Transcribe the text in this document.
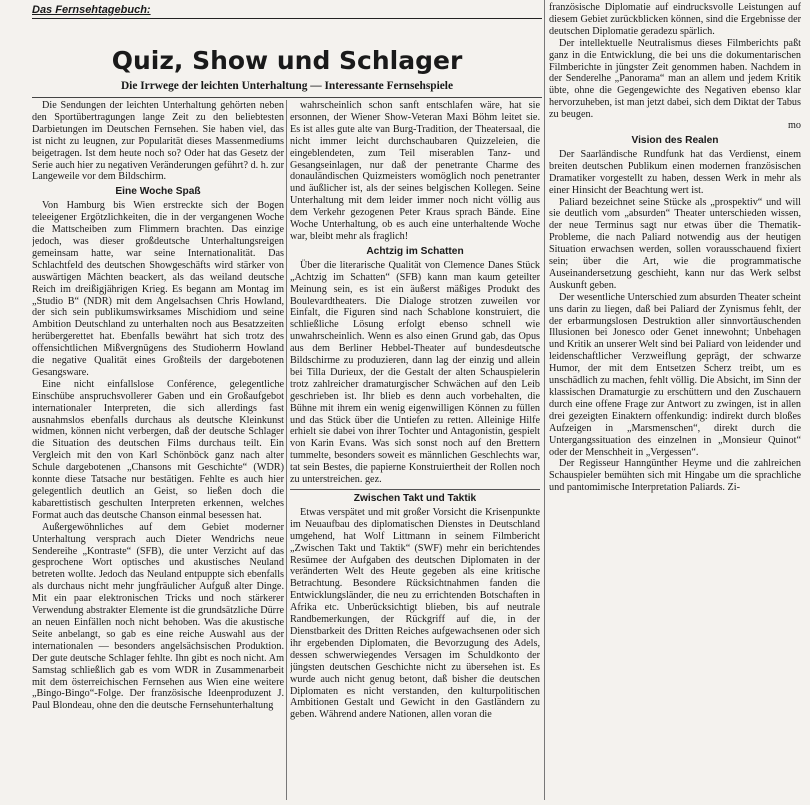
Das Fernsehtagebuch:
Quiz, Show und Schlager
Die Irrwege der leichten Unterhaltung — Interessante Fernsehspiele

Die Sendungen der leichten Unterhaltung gehörten neben den Sportübertragungen lange Zeit zu den beliebtesten Darbietungen im Deutschen Fernsehen. Sie haben viel, das ist nicht zu leugnen, zur Popularität dieses Massenmediums beigetragen. Ist dem heute noch so? Oder hat das Gesetz der Serie auch hier zu negativen Veränderungen geführt? d. h. zur Langeweile vor dem Bildschirm.

Eine Woche Spaß

Von Hamburg bis Wien erstreckte sich der Bogen teleeigener Ergötzlichkeiten, die in der vergangenen Woche die Mattscheiben zum Flimmern brachten. Das einzige jedoch, was dieser großdeutsche Unterhaltungsreigen gemeinsam hatte, war seine Internationalität. Das Schlachtfeld des deutschen Showgeschäfts wird stärker von auswärtigen Mächten beackert, als das weiland deutsche Reich im dreißigjährigen Krieg. Es begann am Montag im „Studio B“ (NDR) mit dem Angelsachsen Chris Howland, der sich sein publikumswirksames Mischidiom und seine Ambition Deutschland zu unterhalten noch aus Besatzzeiten herübergerettet hat. Ebenfalls bewährt hat sich trotz des offensichtlichen Mißvergnügens des Studioherrn Howland die negative Qualität eines Großteils der dargebotenen Gesangsware.

Eine nicht einfallslose Conférence, gelegentliche Einschübe anspruchsvollerer Gaben und ein Großaufgebot internationaler Interpreten, die sich allerdings fast ausnahmslos ebenfalls durchaus als deutsche Kleinkunst widmen, können nicht verbergen, daß der deutsche Schlager die Situation des deutschen Films durchaus teilt. Ein Vergleich mit den von Karl Schönböck ganz nach alter Schule dargebotenen „Chansons mit Geschichte“ (WDR) konnte diese Tatsache nur bestätigen. Fehlte es auch hier gelegentlich deutlich an Geist, so ließen doch die kabarettistisch geschulten Interpreten erkennen, welches Format auch das deutsche Chanson einmal besessen hat.

Außergewöhnliches auf dem Gebiet moderner Unterhaltung versprach auch Dieter Wendrichs neue Sendereihe „Kontraste“ (SFB), die unter Verzicht auf das gesprochene Wort optisches und akustisches Neuland betreten wollte. Jedoch das Neuland entpuppte sich ebenfalls als durchaus nicht mehr jungfräulicher Aufguß alter Dinge. Mit ein paar elektronischen Tricks und noch stärkerer Verwendung abstrakter Elemente ist die grundsätzliche Dürre an neuen Einfällen noch nicht behoben. Was die akustische Seite anbelangt, so gab es eine reiche Auswahl aus der internationalen — besonders angelsächsischen Produktion. Der gute deutsche Schlager fehlte. Ihn gibt es noch nicht. Am Samstag schließlich gab es vom WDR in Zusammenarbeit mit dem österreichischen Fernsehen aus Wien eine weitere „Bingo-Bingo“-Folge. Der französische Ideenproduzent J. Paul Blondeau, ohne den die deutsche Fernsehunterhaltung

wahrscheinlich schon sanft entschlafen wäre, hat sie ersonnen, der Wiener Show-Veteran Maxi Böhm leitet sie. Es ist alles gute alte van Burg-Tradition, der Theatersaal, die nicht immer leicht durchschaubaren Quizzeleien, die eingeblendeten, zum Teil miserablen Tanz- und Gesangseinlagen, nur daß der penetrante Charme des donauländischen Quizmeisters womöglich noch penetranter und äußlicher ist, als der seines belgischen Kollegen. Seine Unterhaltung mit dem leider immer noch nicht völlig aus dem Verkehr gezogenen Peter Kraus sprach Bände. Eine Woche Unterhaltung, ob es auch eine unterhaltende Woche war, bleibt mehr als fraglich!

Achtzig im Schatten

Über die literarische Qualität von Clemence Danes Stück „Achtzig im Schatten“ (SFB) kann man kaum geteilter Meinung sein, es ist ein äußerst mäßiges Produkt des Boulevardtheaters. Die Dialoge strotzen zuweilen vor Einfalt, die Figuren sind nach Schablone konstruiert, die schließliche Lösung erfolgt ebenso schnell wie unwahrscheinlich. Wenn es also einen Grund gab, das Opus aus dem Berliner Hebbel-Theater auf bundesdeutsche Bildschirme zu produzieren, dann lag der einzig und allein bei Tilla Durieux, der die Gestalt der alten Schauspielerin trotz zahlreicher dramaturgischer Schwächen auf den Leib geschrieben ist. Ihr blieb es denn auch vorbehalten, die Bühne mit ihrem ein wenig eigenwilligen Können zu füllen und das Stück über die Untiefen zu retten. Alleinige Hilfe erhielt sie dabei von ihrer Tochter und Antagonistin, gespielt von Karin Evans. Was sich sonst noch auf den Brettern tummelte, besonders soweit es männlichen Geschlechts war, tat sein Bestes, die papierne Konstruiertheit der Rollen noch zu unterstreichen. gez.

Zwischen Takt und Taktik

Etwas verspätet und mit großer Vorsicht die Krisenpunkte im Neuaufbau des diplomatischen Dienstes in Deutschland umgehend, hat Wolf Littmann in seinem Filmbericht „Zwischen Takt und Taktik“ (SWF) mehr ein berichtendes Resümee der Aufgaben des deutschen Diplomaten in der veränderten Welt des Heute gegeben als eine kritische Betrachtung. Besondere Rücksichtnahmen fanden die Entwicklungsländer, die neu zu errichtenden Botschaften in Afrika etc. Unberücksichtigt blieben, bis auf neutrale Randbemerkungen, der Rückgriff auf die, in der Dienstbarkeit des Dritten Reiches aufgewachsenen oder sich ihr ergebenden Diplomaten, die Bevorzugung des Adels, dessen schwerwiegendes Versagen im Schuldkonto der jüngsten deutschen Geschichte nicht zu übersehen ist. Es wurde auch nicht genug betont, daß bisher die deutschen Diplomaten es nicht verstanden, den kulturpolitischen Ambitionen Gestalt und Gewicht in den Gastländern zu geben. Während andere Nationen, allen voran die

französische Diplomatie auf eindrucksvolle Leistungen auf diesem Gebiet zurückblicken können, sind die Ergebnisse der deutschen Diplomatie geradezu spärlich.

Der intellektuelle Neutralismus dieses Filmberichts paßt ganz in die Entwicklung, die bei uns die dokumentarischen Filmberichte in jüngster Zeit genommen haben. Nachdem in der Senderelhe „Panorama“ man an allem und jedem Kritik übte, ohne die Gegengewichte des Negativen ebenso klar hervorzuheben, ist man jetzt dabei, sich dem Diktat der Tabus zu beugen.

mo
Vision des Realen

Der Saarländische Rundfunk hat das Verdienst, einem breiten deutschen Publikum einen modernen französischen Dramatiker vorgestellt zu haben, dessen Werk in mehr als einer Hinsicht der Beachtung wert ist.

Paliard bezeichnet seine Stücke als „prospektiv“ und will sie deutlich vom „absurden“ Theater unterschieden wissen, der neue Terminus sagt nur etwas über die Thematik-Probleme, die nach Paliard notwendig aus der heutigen Situation erwachsen werden, sollen vorausschauend fixiert sein; über die Art, wie die programmatische Auseinandersetzung geschieht, kann nur das Werk selbst Auskunft geben.

Der wesentliche Unterschied zum absurden Theater scheint uns darin zu liegen, daß bei Paliard der Zynismus fehlt, der der erbarmungslosen Destruktion aller sinnvortäuschenden Illusionen bei Jonesco oder Genet innewohnt; Unbehagen und Kritik an unserer Welt sind bei Paliard von leidender und leidenschaftlicher Verzweiflung geprägt, der schwarze Humor, der mit dem Entsetzen Scherz treibt, um es unschädlich zu machen, fehlt völlig. Die Absicht, im Sinn der klassischen Dramaturgie zu erschüttern und den Zuschauern durch eine offene Frage zur Antwort zu zwingen, ist in allen drei gezeigten Einaktern offenkundig: indirekt durch bloßes Aufzeigen in „Marsmenschen“, direkt durch die Untergangssituation des einzelnen in „Monsieur Quinot“ oder der Menschheit in „Vergessen“.

Der Regisseur Hanngünther Heyme und die zahlreichen Schauspieler bemühten sich mit Hingabe um die sprachliche und pantomimische Interpretation Paliards. Zi-
